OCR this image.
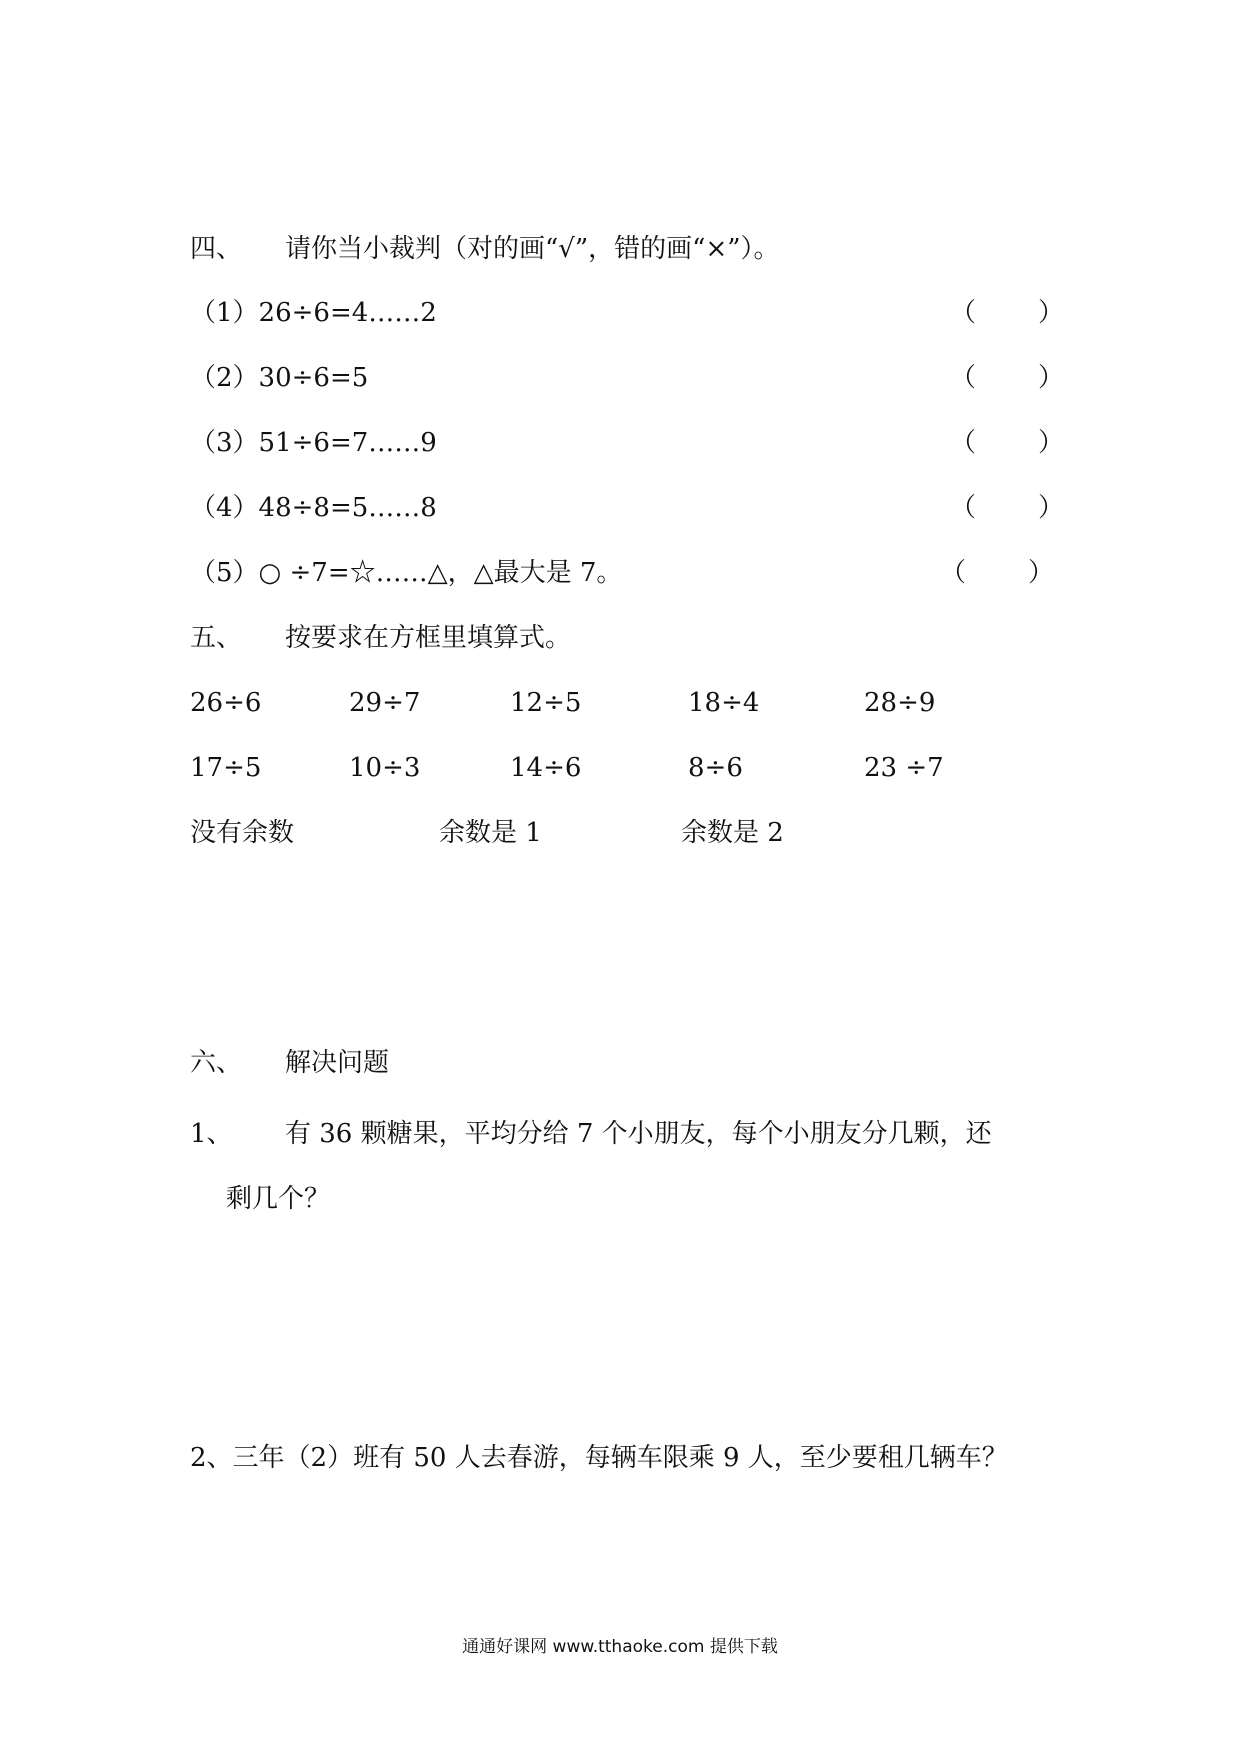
四、 请你当小裁判（对的画“√”，错的画“×”）。
（1）26÷6=4……2	（ ）
（2）30÷6=5	（ ）
（3）51÷6=7……9	（ ）
（4）48÷8=5……8	（ ）
（5）○ ÷7=☆……△，△最大是 7。	（ ）
五、 按要求在方框里填算式。
26÷6	29÷7	12÷5	18÷4	28÷9
17÷5	10÷3	14÷6	8÷6	23 ÷7
没有余数	余数是 1	余数是 2
六、 解决问题
1、 有 36 颗糖果，平均分给 7 个小朋友，每个小朋友分几颗，还
剩几个？
2、三年（2）班有 50 人去春游，每辆车限乘 9 人，至少要租几辆车？
通通好课网 www.tthaoke.com 提供下载
